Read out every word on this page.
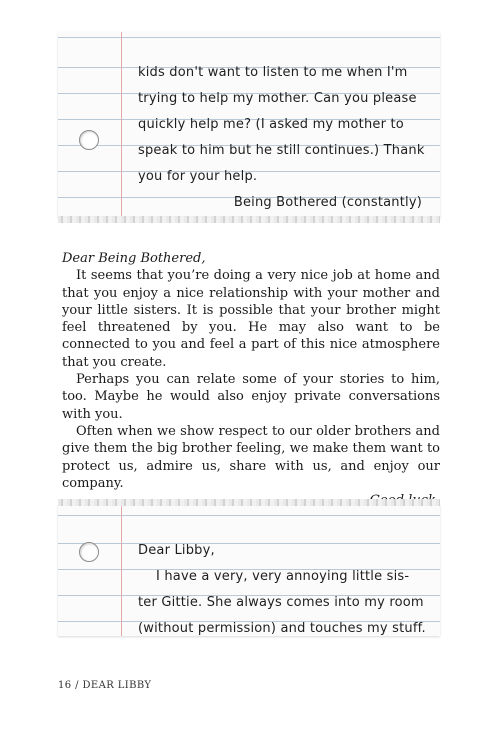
kids don't want to listen to me when I'm
trying to help my mother. Can you please
quickly help me? (I asked my mother to
speak to him but he still continues.) Thank
you for your help.
Being Bothered (constantly)

Dear Being Bothered,

It seems that you’re doing a very nice job at home and that you enjoy a nice relationship with your mother and your little sisters. It is possible that your brother might feel threatened by you. He may also want to be connected to you and feel a part of this nice atmosphere that you create.

Perhaps you can relate some of your stories to him, too. Maybe he would also enjoy private conversations with you.

Often when we show respect to our older brothers and give them the big brother feeling, we make them want to protect us, admire us, share with us, and enjoy our company.

Dear Libby,
I have a very, very annoying little sis-
ter Gittie. She always comes into my room
(without permission) and touches my stuff.
16 / DEAR LIBBY
